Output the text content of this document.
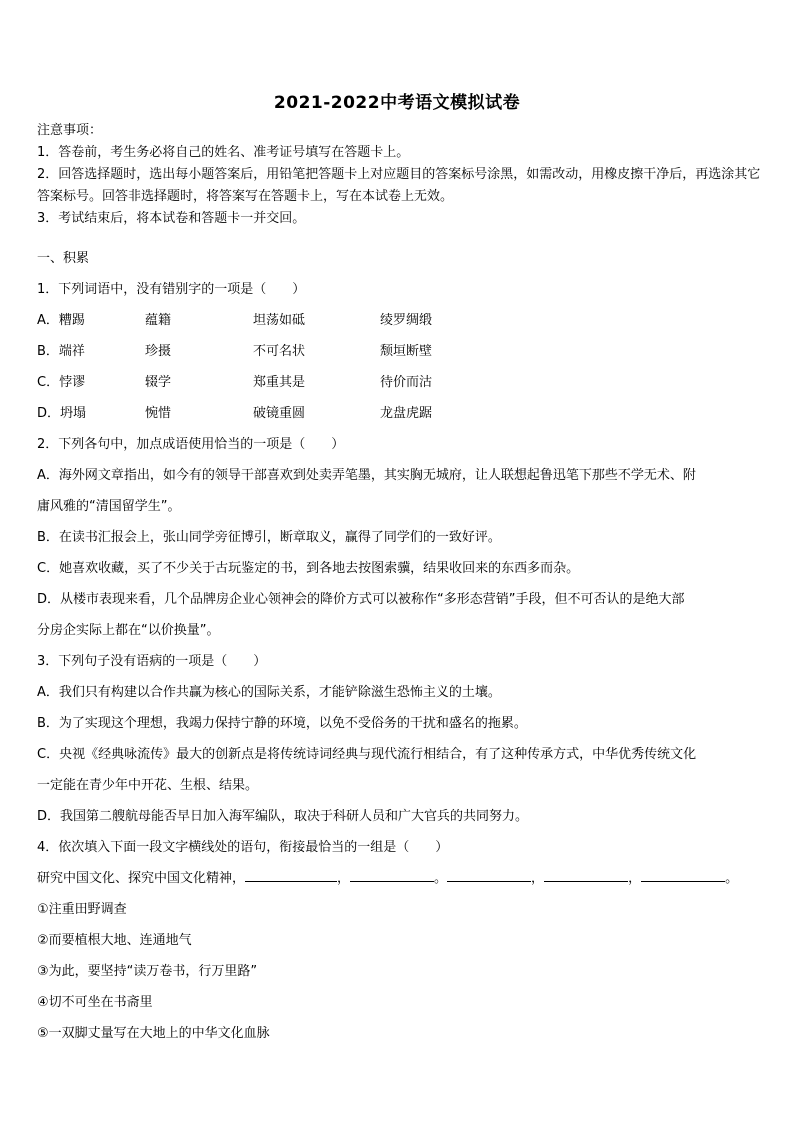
2021-2022中考语文模拟试卷
注意事项：
1．答卷前，考生务必将自己的姓名、准考证号填写在答题卡上。
2．回答选择题时，选出每小题答案后，用铅笔把答题卡上对应题目的答案标号涂黑，如需改动，用橡皮擦干净后，再选涂其它答案标号。回答非选择题时，将答案写在答题卡上，写在本试卷上无效。
3．考试结束后，将本试卷和答题卡一并交回。
一、积累
1．下列词语中，没有错别字的一项是（　　）
A．糟踢	蕴籍	坦荡如砥	绫罗绸缎
B．端祥	珍摄	不可名状	颓垣断壁
C．悖谬	辍学	郑重其是	待价而沽
D．坍塌	惋惜	破镜重圆	龙盘虎踞
2．下列各句中，加点成语使用恰当的一项是（　　）
A．海外网文章指出，如今有的领导干部喜欢到处卖弄笔墨，其实胸无城府，让人联想起鲁迅笔下那些不学无术、附
庸风雅的“清国留学生”。
B．在读书汇报会上，张山同学旁征博引，断章取义，赢得了同学们的一致好评。
C．她喜欢收藏，买了不少关于古玩鉴定的书，到各地去按图索骥，结果收回来的东西多而杂。
D．从楼市表现来看，几个品牌房企业心领神会的降价方式可以被称作“多形态营销”手段，但不可否认的是绝大部
分房企实际上都在“以价换量”。
3．下列句子没有语病的一项是（　　）
A．我们只有构建以合作共赢为核心的国际关系，才能铲除滋生恐怖主义的土壤。
B．为了实现这个理想，我竭力保持宁静的环境，以免不受俗务的干扰和盛名的拖累。
C．央视《经典咏流传》最大的创新点是将传统诗词经典与现代流行相结合，有了这种传承方式，中华优秀传统文化
一定能在青少年中开花、生根、结果。
D．我国第二艘航母能否早日加入海军编队，取决于科研人员和广大官兵的共同努力。
4．依次填入下面一段文字横线处的语句，衔接最恰当的一组是（　　）
研究中国文化、探究中国文化精神，	，	。	，	，	。
①注重田野调查
②而要植根大地、连通地气
③为此，要坚持“读万卷书，行万里路”
④切不可坐在书斋里
⑤一双脚丈量写在大地上的中华文化血脉
